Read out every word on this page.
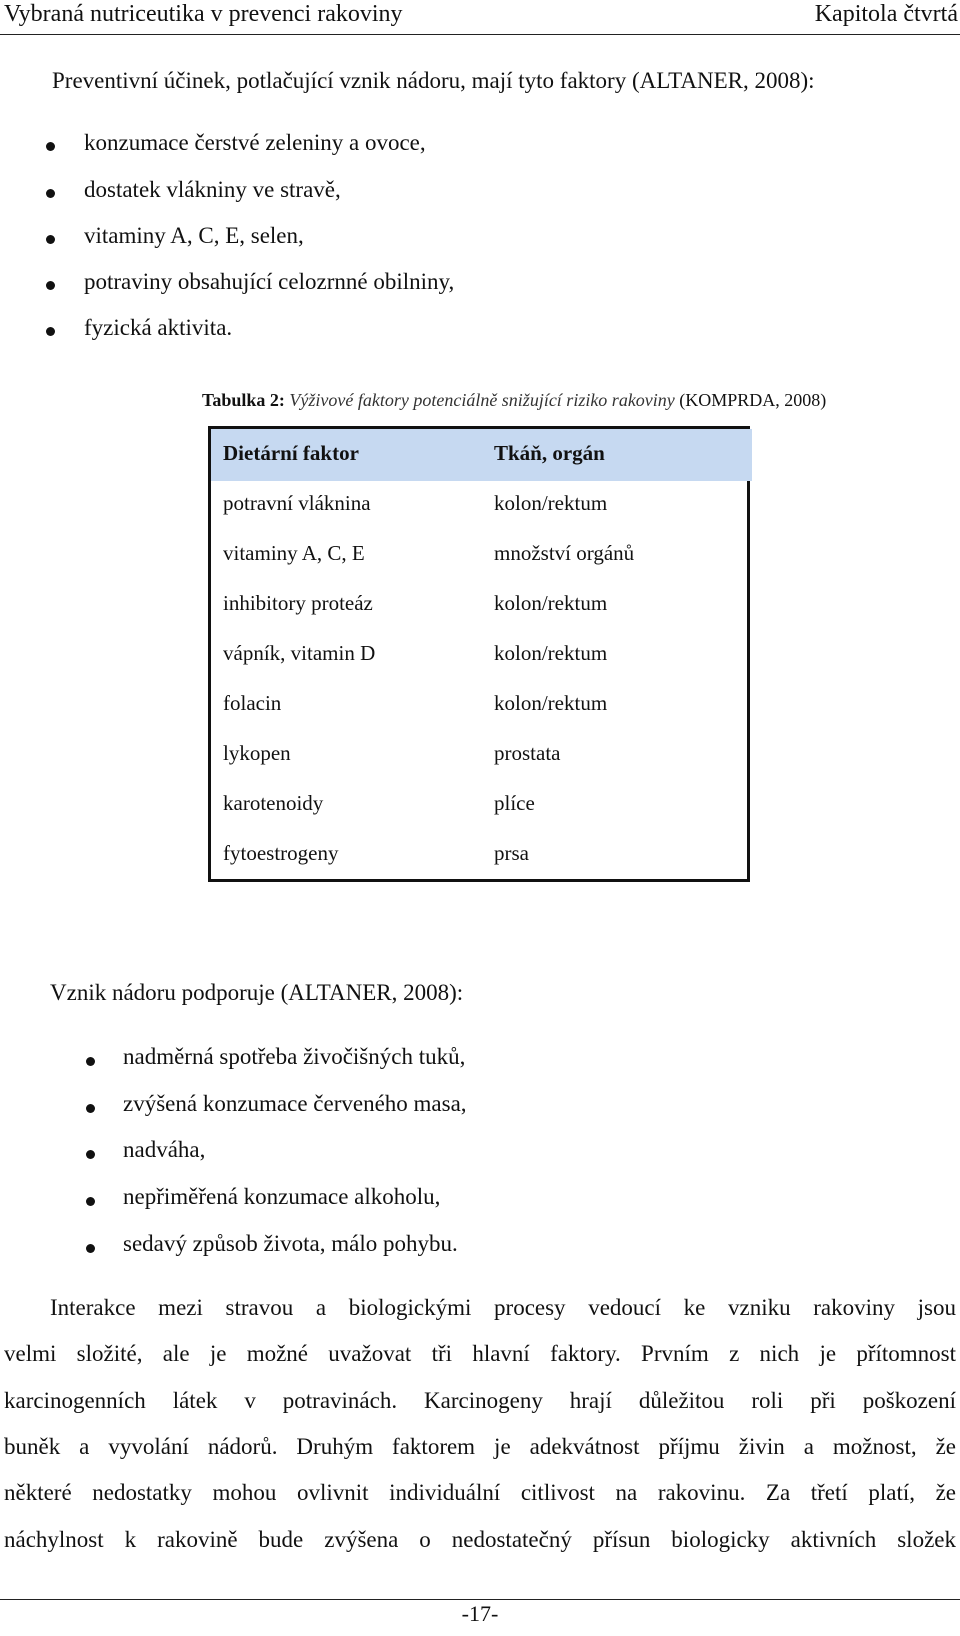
Vybraná nutriceutika v prevenci rakoviny	Kapitola čtvrtá
Preventivní účinek, potlačující vznik nádoru, mají tyto faktory (ALTANER, 2008):
konzumace čerstvé zeleniny a ovoce,
dostatek vlákniny ve stravě,
vitaminy A, C, E, selen,
potraviny obsahující celozrnné obilniny,
fyzická aktivita.
Tabulka 2: Výživové faktory potenciálně snižující riziko rakoviny (KOMPRDA, 2008)
Dietární faktor	Tkáň, orgán
potravní vláknina	kolon/rektum
vitaminy A, C, E	množství orgánů
inhibitory proteáz	kolon/rektum
vápník, vitamin D	kolon/rektum
folacin	kolon/rektum
lykopen	prostata
karotenoidy	plíce
fytoestrogeny	prsa
Vznik nádoru podporuje (ALTANER, 2008):
nadměrná spotřeba živočišných tuků,
zvýšená konzumace červeného masa,
nadváha,
nepřiměřená konzumace alkoholu,
sedavý způsob života, málo pohybu.
Interakce mezi stravou a biologickými procesy vedoucí ke vzniku rakoviny jsou
velmi složité, ale je možné uvažovat tři hlavní faktory. Prvním z nich je přítomnost
karcinogenních látek v potravinách. Karcinogeny hrají důležitou roli při poškození
buněk a vyvolání nádorů. Druhým faktorem je adekvátnost příjmu živin a možnost, že
některé nedostatky mohou ovlivnit individuální citlivost na rakovinu. Za třetí platí, že
náchylnost k rakovině bude zvýšena o nedostatečný přísun biologicky aktivních složek
-17-
